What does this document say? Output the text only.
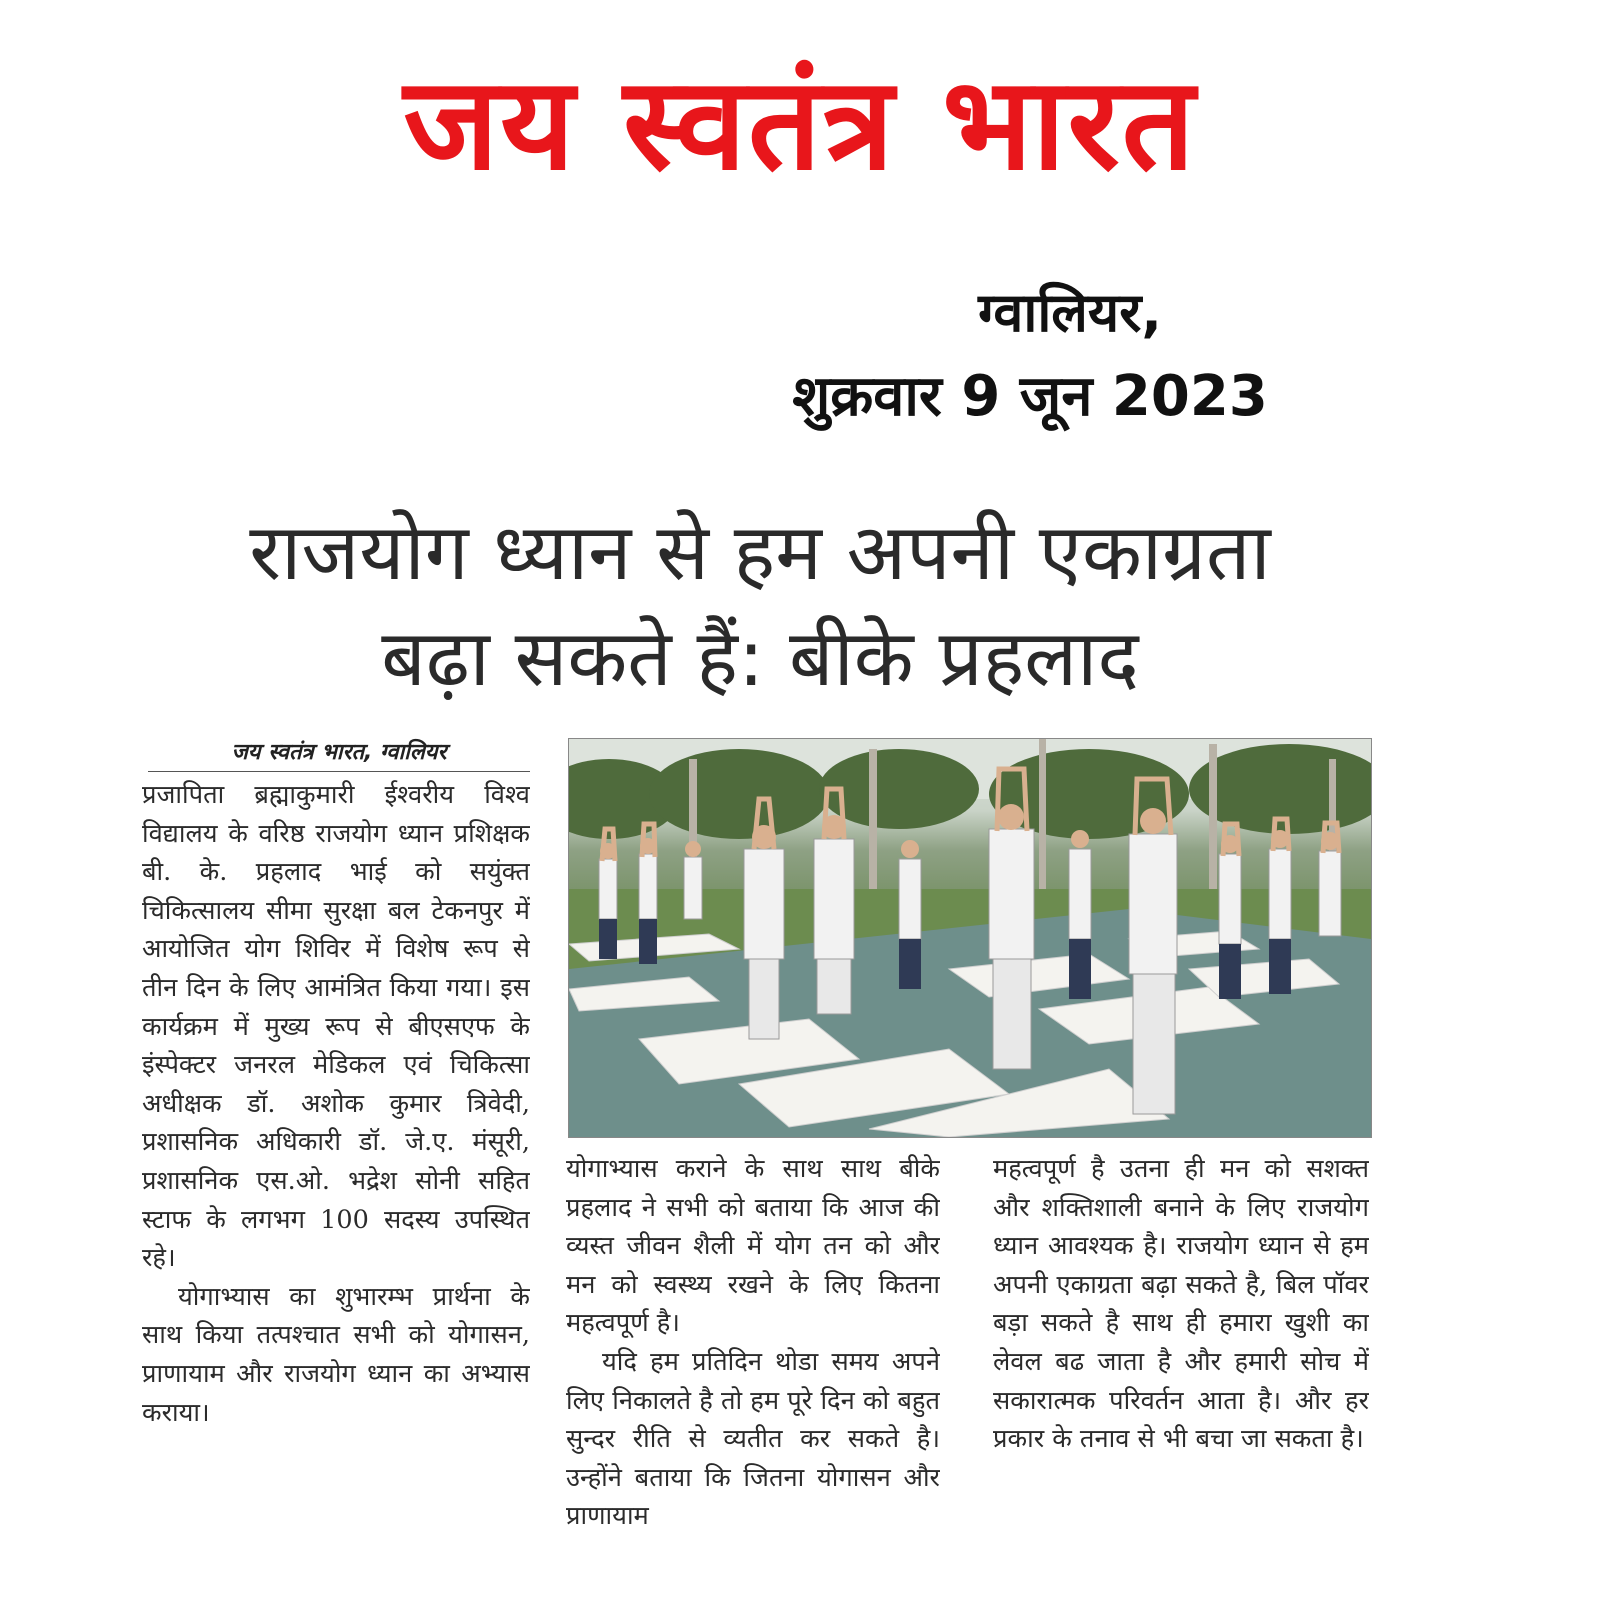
जय स्वतंत्र भारत
ग्वालियर,
शुक्रवार 9 जून 2023
राजयोग ध्यान से हम अपनी एकाग्रता
बढ़ा सकते हैं: बीके प्रहलाद
जय स्वतंत्र भारत, ग्वालियर

प्रजापिता ब्रह्माकुमारी ईश्वरीय विश्व विद्यालय के वरिष्ठ राजयोग ध्यान प्रशिक्षक बी. के. प्रहलाद भाई को सयुंक्त चिकित्सालय सीमा सुरक्षा बल टेकनपुर में आयोजित योग शिविर में विशेष रूप से तीन दिन के लिए आमंत्रित किया गया। इस कार्यक्रम में मुख्य रूप से बीएसएफ के इंस्पेक्टर जनरल मेडिकल एवं चिकित्सा अधीक्षक डॉ. अशोक कुमार त्रिवेदी, प्रशासनिक अधिकारी डॉ. जे.ए. मंसूरी, प्रशासनिक एस.ओ. भद्रेश सोनी सहित स्टाफ के लगभग 100 सदस्य उपस्थित रहे।

योगाभ्यास का शुभारम्भ प्रार्थना के साथ किया तत्पश्चात सभी को योगासन, प्राणायाम और राजयोग ध्यान का अभ्यास कराया।

योगाभ्यास कराने के साथ साथ बीके प्रहलाद ने सभी को बताया कि आज की व्यस्त जीवन शैली में योग तन को और मन को स्वस्थ्य रखने के लिए कितना महत्वपूर्ण है।

यदि हम प्रतिदिन थोडा समय अपने लिए निकालते है तो हम पूरे दिन को बहुत सुन्दर रीति से व्यतीत कर सकते है। उन्होंने बताया कि जितना योगासन और प्राणायाम

महत्वपूर्ण है उतना ही मन को सशक्त और शक्तिशाली बनाने के लिए राजयोग ध्यान आवश्यक है। राजयोग ध्यान से हम अपनी एकाग्रता बढ़ा सकते है, बिल पॉवर बड़ा सकते है साथ ही हमारा खुशी का लेवल बढ जाता है और हमारी सोच में सकारात्मक परिवर्तन आता है। और हर प्रकार के तनाव से भी बचा जा सकता है।
